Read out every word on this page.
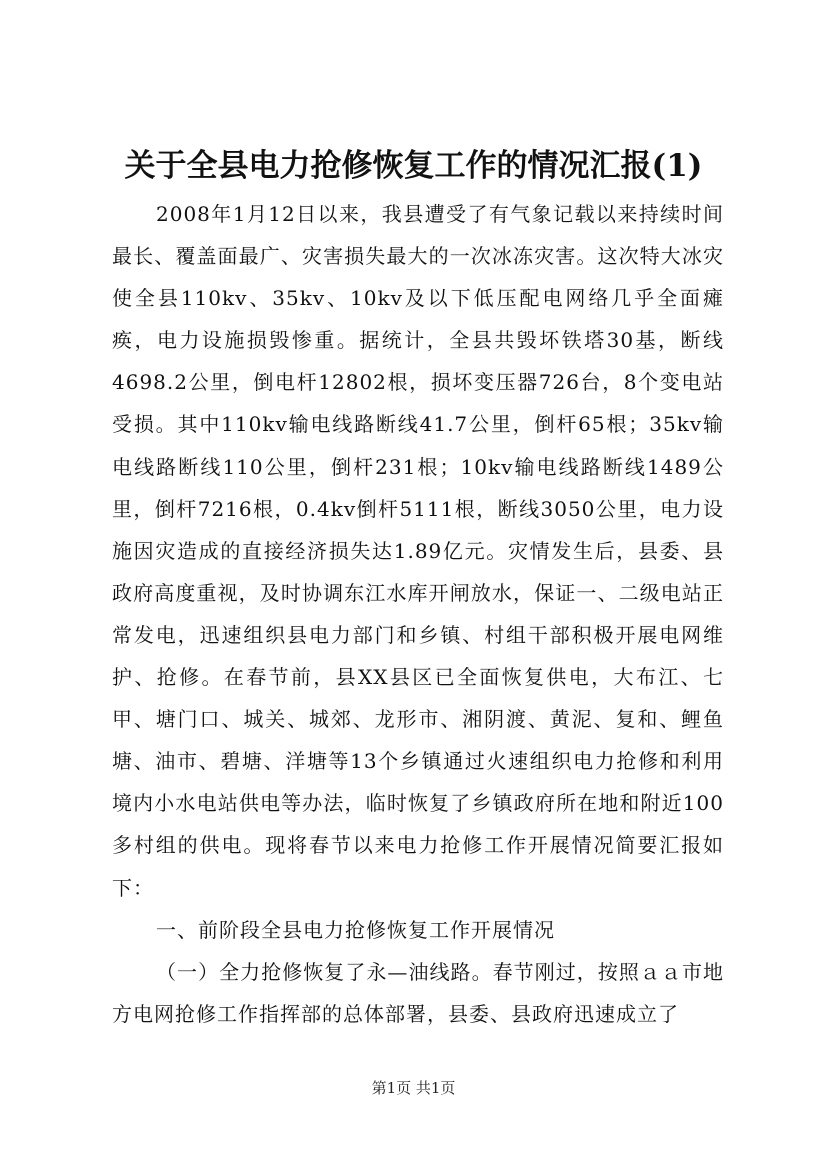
关于全县电力抢修恢复工作的情况汇报(1)

2008年1月12日以来，我县遭受了有气象记载以来持续时间最长、覆盖面最广、灾害损失最大的一次冰冻灾害。这次特大冰灾使全县110kv、35kv、10kv及以下低压配电网络几乎全面瘫痪，电力设施损毁惨重。据统计，全县共毁坏铁塔30基，断线4698.2公里，倒电杆12802根，损坏变压器726台，8个变电站受损。其中110kv输电线路断线41.7公里，倒杆65根；35kv输电线路断线110公里，倒杆231根；10kv输电线路断线1489公里，倒杆7216根，0.4kv倒杆5111根，断线3050公里，电力设施因灾造成的直接经济损失达1.89亿元。灾情发生后，县委、县政府高度重视，及时协调东江水库开闸放水，保证一、二级电站正常发电，迅速组织县电力部门和乡镇、村组干部积极开展电网维护、抢修。在春节前，县XX县区已全面恢复供电，大布江、七甲、塘门口、城关、城郊、龙形市、湘阴渡、黄泥、复和、鲤鱼塘、油市、碧塘、洋塘等13个乡镇通过火速组织电力抢修和利用境内小水电站供电等办法，临时恢复了乡镇政府所在地和附近100多村组的供电。现将春节以来电力抢修工作开展情况简要汇报如下：

一、前阶段全县电力抢修恢复工作开展情况

（一）全力抢修恢复了永—油线路。春节刚过，按照ａａ市地方电网抢修工作指挥部的总体部署，县委、县政府迅速成立了

第1页 共1页
